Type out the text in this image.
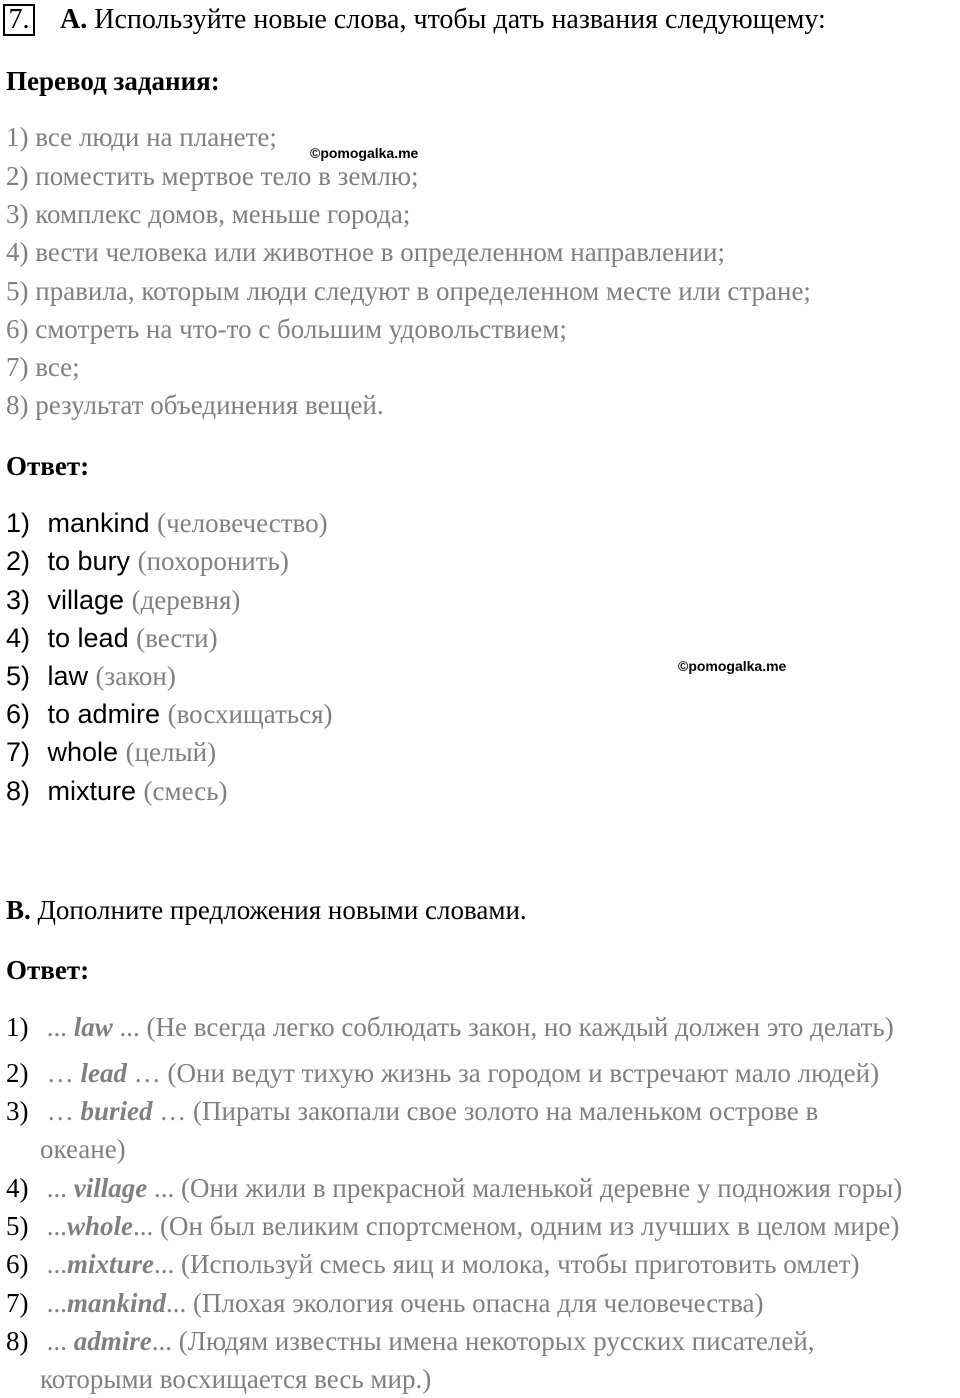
7. A. Используйте новые слова, чтобы дать названия следующему:
Перевод задания:
1) все люди на планете;
2) поместить мертвое тело в землю;
3) комплекс домов, меньше города;
4) вести человека или животное в определенном направлении;
5) правила, которым люди следуют в определенном месте или стране;
6) смотреть на что-то с большим удовольствием;
7) все;
8) результат объединения вещей.
©pomogalka.me
Ответ:
1) mankind (человечество)
2) to bury (похоронить)
3) village (деревня)
4) to lead (вести)
5) law (закон)
6) to admire (восхищаться)
7) whole (целый)
8) mixture (смесь)
©pomogalka.me
B. Дополните предложения новыми словами.
Ответ:
1) ... law ... (Не всегда легко соблюдать закон, но каждый должен это делать)
2) … lead … (Они ведут тихую жизнь за городом и встречают мало людей)
3) … buried … (Пираты закопали свое золото на маленьком острове в
океане)
4) ... village ... (Они жили в прекрасной маленькой деревне у подножия горы)
5) ...whole... (Он был великим спортсменом, одним из лучших в целом мире)
6) ...mixture... (Используй смесь яиц и молока, чтобы приготовить омлет)
7) ...mankind... (Плохая экология очень опасна для человечества)
8) ... admire... (Людям известны имена некоторых русских писателей,
которыми восхищается весь мир.)
